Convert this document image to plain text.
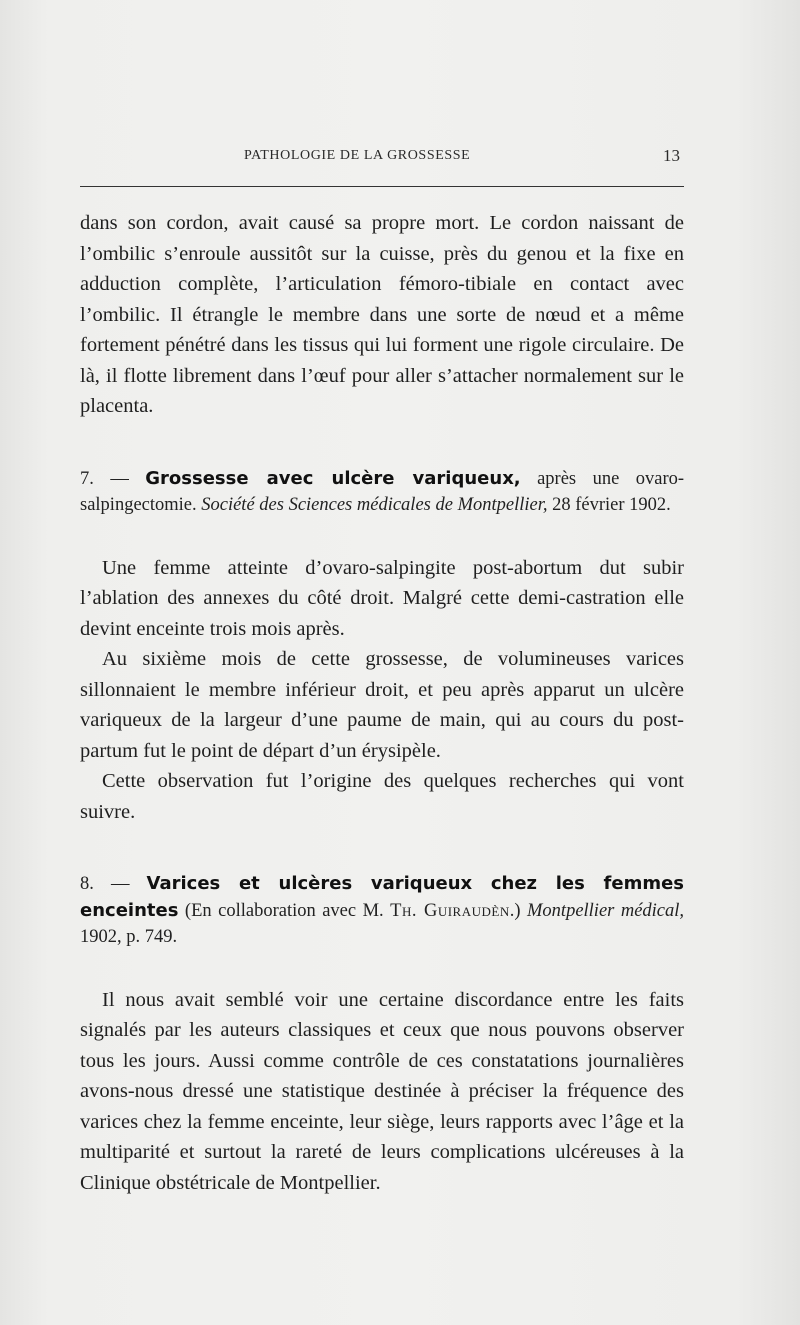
PATHOLOGIE DE LA GROSSESSE	13

dans son cordon, avait causé sa propre mort. Le cordon naissant de l’ombilic s’enroule aussitôt sur la cuisse, près du genou et la fixe en adduction complète, l’articulation fémoro-tibiale en contact avec l’ombilic. Il étrangle le membre dans une sorte de nœud et a même fortement pénétré dans les tissus qui lui forment une rigole circulaire. De là, il flotte librement dans l’œuf pour aller s’attacher normalement sur le placenta.

7. — Grossesse avec ulcère variqueux, après une ovaro-salpingectomie. Société des Sciences médicales de Montpellier, 28 février 1902.

Une femme atteinte d’ovaro-salpingite post-abortum dut subir l’ablation des annexes du côté droit. Malgré cette demi-castration elle devint enceinte trois mois après.

Au sixième mois de cette grossesse, de volumineuses varices sillonnaient le membre inférieur droit, et peu après apparut un ulcère variqueux de la largeur d’une paume de main, qui au cours du post-partum fut le point de départ d’un érysipèle.

Cette observation fut l’origine des quelques recherches qui vont suivre.

8. — Varices et ulcères variqueux chez les femmes enceintes (En collaboration avec M. Th. Guiraudèn.) Montpellier médical, 1902, p. 749.

Il nous avait semblé voir une certaine discordance entre les faits signalés par les auteurs classiques et ceux que nous pouvons observer tous les jours. Aussi comme contrôle de ces constatations journalières avons-nous dressé une statistique destinée à préciser la fréquence des varices chez la femme enceinte, leur siège, leurs rapports avec l’âge et la multiparité et surtout la rareté de leurs complications ulcéreuses à la Clinique obstétricale de Montpellier.
